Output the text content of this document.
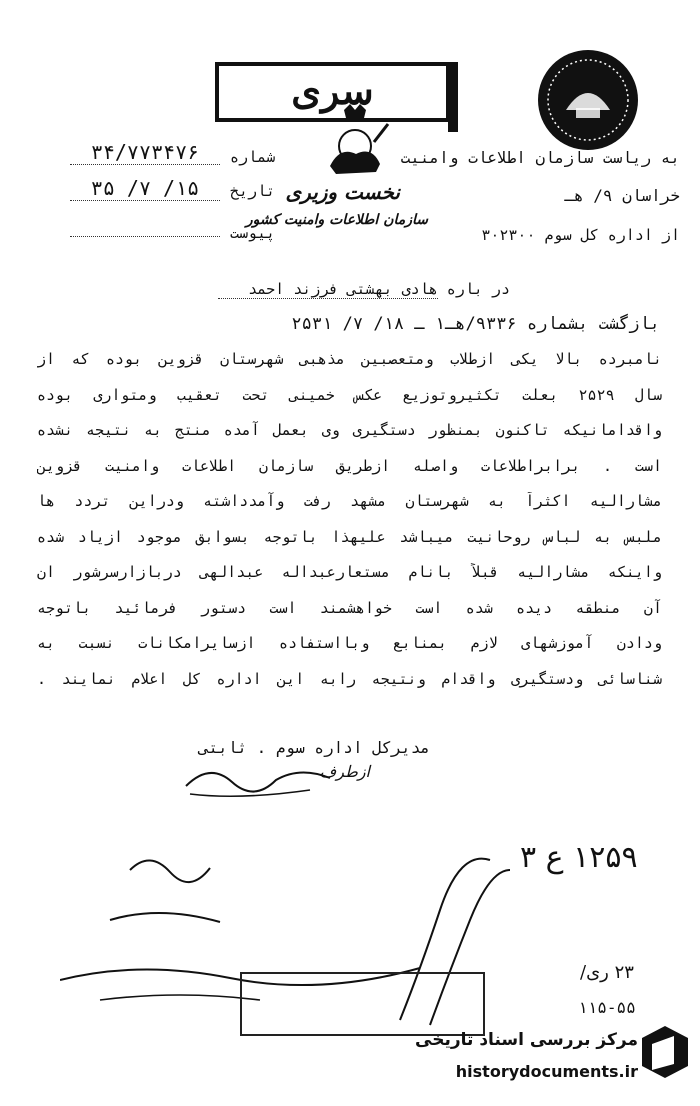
سری
به ریاست سازمان اطلاعات وامنیت
خراسان ۹/ هـ
از اداره کل سوم ۳۰۲۳۰۰
شماره
۳۴/۷۷۳۴۷۶
تاریخ
۱۵/ ۷/ ۳۵
پیوست
نخست وزیری
سازمان اطلاعات وامنیت کشور
در باره هادی بهشتی فرزند احمد
بازگشت بشماره ۹۳۳۶/هـ۱ ـ ۱۸/ ۷/ ۲۵۳۱
نامبرده بالا یکی ازطلاب ومتعصبین مذهبی شهرستان قزوین بوده که از
سال ۲۵۲۹ بعلت تکثیروتوزیع عکس خمینی تحت تعقیب ومتواری بوده
واقدامانیکه تاکنون بمنظور دستگیری وی بعمل آمده منتج به نتیجه نشده
است . برابراطلاعات واصله ازطریق سازمان اطلاعات وامنیت قزوین
مشارالیه اکثراً به شهرستان مشهد رفت وآمدداشته ودراین تردد ها
ملبس به لباس روحانیت میباشد علیهذا باتوجه بسوابق موجود ازیاد شده
واینکه مشارالیه قبلاً بانام مستعارعبداله عبدالهی دربازارسرشور ان
آن منطقه دیده شده است خواهشمند است دستور فرمائید باتوجه
ودادن آموزشهای لازم بمنابع وبااستفاده ازسایرامکانات نسبت به
شناسائی ودستگیری واقدام ونتیجه رابه این اداره کل اعلام نمایند .
مدیرکل اداره سوم . ثابتی
ازطرف
۱۲۵۹ ع ۳
۲۳ ری/
۱۱۵-۵۵
مرکز بررسی اسناد تاریخی
historydocuments.ir
